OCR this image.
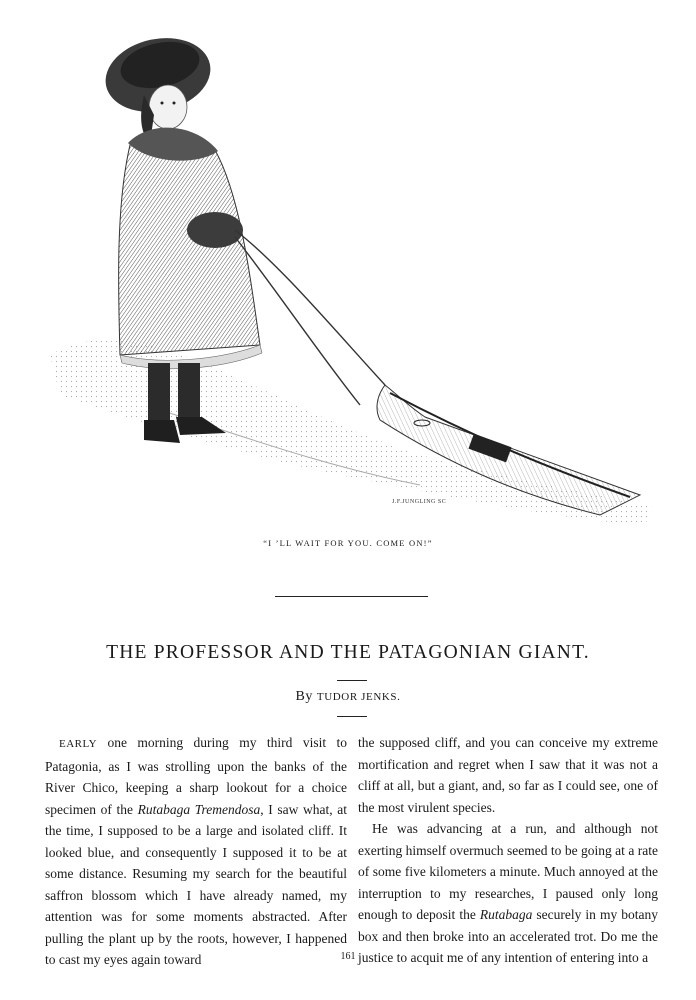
J.F.JUNGLING SC
“I ’LL WAIT FOR YOU. COME ON!”
THE PROFESSOR AND THE PATAGONIAN GIANT.
By TUDOR JENKS.

EARLY one morning during my third visit to Patagonia, as I was strolling upon the banks of the River Chico, keeping a sharp lookout for a choice specimen of the Rutabaga Tremendosa, I saw what, at the time, I supposed to be a large and isolated cliff. It looked blue, and consequently I supposed it to be at some distance. Resuming my search for the beautiful saffron blossom which I have already named, my attention was for some moments abstracted. After pulling the plant up by the roots, however, I happened to cast my eyes again toward

the supposed cliff, and you can conceive my extreme mortification and regret when I saw that it was not a cliff at all, but a giant, and, so far as I could see, one of the most virulent species.

He was advancing at a run, and although not exerting himself overmuch seemed to be going at a rate of some five kilometers a minute. Much annoyed at the interruption to my researches, I paused only long enough to deposit the Rutabaga securely in my botany box and then broke into an accelerated trot. Do me the justice to acquit me of any intention of entering into a

161
